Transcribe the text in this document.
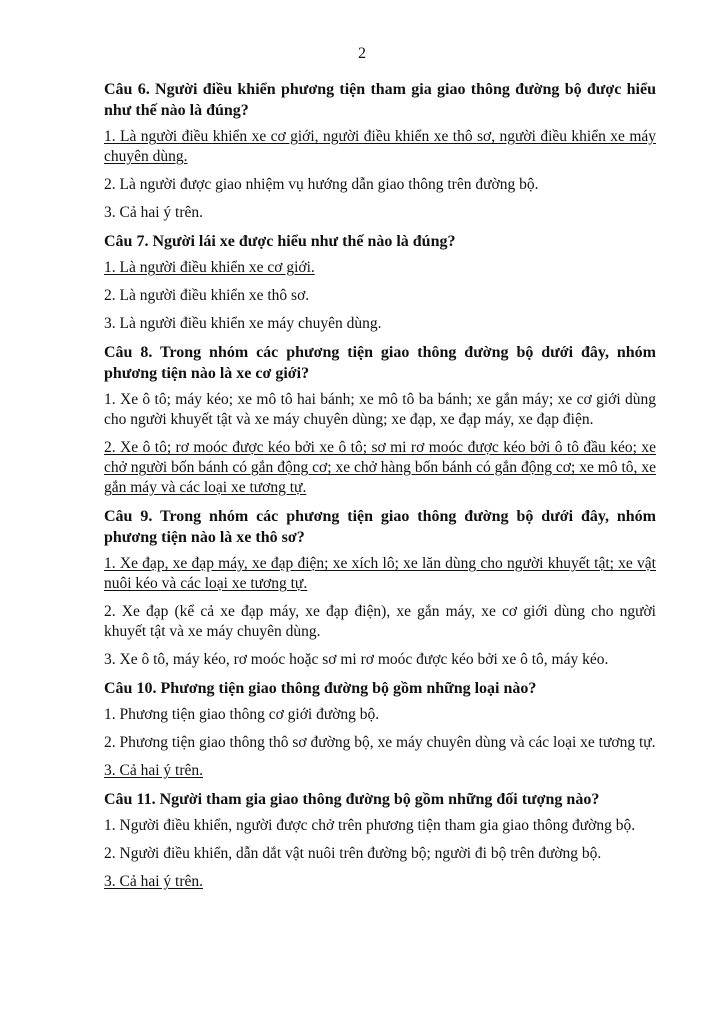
2

Câu 6. Người điều khiển phương tiện tham gia giao thông đường bộ được hiểu như thế nào là đúng?

1. Là người điều khiển xe cơ giới, người điều khiển xe thô sơ, người điều khiển xe máy chuyên dùng.

2. Là người được giao nhiệm vụ hướng dẫn giao thông trên đường bộ.

3. Cả hai ý trên.

Câu 7. Người lái xe được hiểu như thế nào là đúng?

1. Là người điều khiển xe cơ giới.

2. Là người điều khiển xe thô sơ.

3. Là người điều khiển xe máy chuyên dùng.

Câu 8. Trong nhóm các phương tiện giao thông đường bộ dưới đây, nhóm phương tiện nào là xe cơ giới?

1. Xe ô tô; máy kéo; xe mô tô hai bánh; xe mô tô ba bánh; xe gắn máy; xe cơ giới dùng cho người khuyết tật và xe máy chuyên dùng; xe đạp, xe đạp máy, xe đạp điện.

2. Xe ô tô; rơ moóc được kéo bởi xe ô tô; sơ mi rơ moóc được kéo bởi ô tô đầu kéo; xe chở người bốn bánh có gắn động cơ; xe chở hàng bốn bánh có gắn động cơ; xe mô tô, xe gắn máy và các loại xe tương tự.

Câu 9. Trong nhóm các phương tiện giao thông đường bộ dưới đây, nhóm phương tiện nào là xe thô sơ?

1. Xe đạp, xe đạp máy, xe đạp điện; xe xích lô; xe lăn dùng cho người khuyết tật; xe vật nuôi kéo và các loại xe tương tự.

2. Xe đạp (kể cả xe đạp máy, xe đạp điện), xe gắn máy, xe cơ giới dùng cho người khuyết tật và xe máy chuyên dùng.

3. Xe ô tô, máy kéo, rơ moóc hoặc sơ mi rơ moóc được kéo bởi xe ô tô, máy kéo.

Câu 10. Phương tiện giao thông đường bộ gồm những loại nào?

1. Phương tiện giao thông cơ giới đường bộ.

2. Phương tiện giao thông thô sơ đường bộ, xe máy chuyên dùng và các loại xe tương tự.

3. Cả hai ý trên.

Câu 11. Người tham gia giao thông đường bộ gồm những đối tượng nào?

1. Người điều khiển, người được chở trên phương tiện tham gia giao thông đường bộ.

2. Người điều khiển, dẫn dắt vật nuôi trên đường bộ; người đi bộ trên đường bộ.

3. Cả hai ý trên.
